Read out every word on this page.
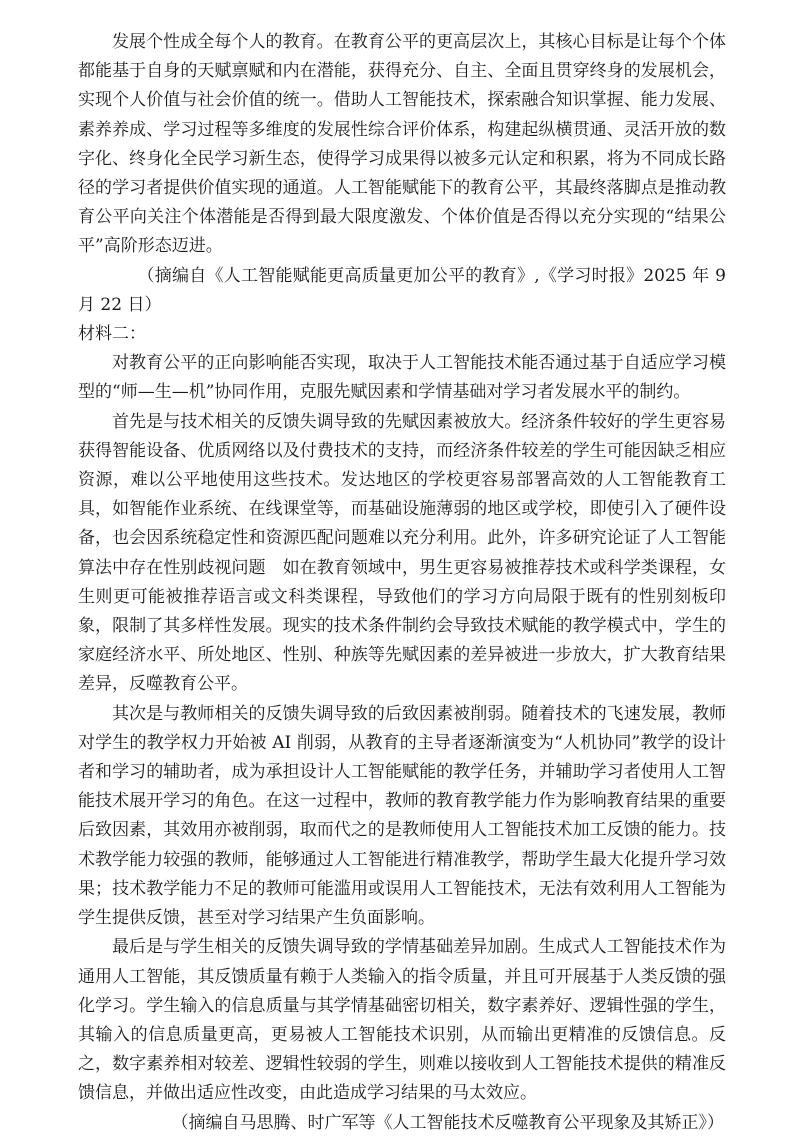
发展个性成全每个人的教育。在教育公平的更高层次上，其核心目标是让每个个体都能基于自身的天赋禀赋和内在潜能，获得充分、自主、全面且贯穿终身的发展机会，实现个人价值与社会价值的统一。借助人工智能技术，探索融合知识掌握、能力发展、素养养成、学习过程等多维度的发展性综合评价体系，构建起纵横贯通、灵活开放的数字化、终身化全民学习新生态，使得学习成果得以被多元认定和积累，将为不同成长路径的学习者提供价值实现的通道。人工智能赋能下的教育公平，其最终落脚点是推动教育公平向关注个体潜能是否得到最大限度激发、个体价值是否得以充分实现的“结果公平”高阶形态迈进。

（摘编自《人工智能赋能更高质量更加公平的教育》,《学习时报》2025 年 9 月 22 日）

材料二：

对教育公平的正向影响能否实现，取决于人工智能技术能否通过基于自适应学习模型的“师—生—机”协同作用，克服先赋因素和学情基础对学习者发展水平的制约。

首先是与技术相关的反馈失调导致的先赋因素被放大。经济条件较好的学生更容易获得智能设备、优质网络以及付费技术的支持，而经济条件较差的学生可能因缺乏相应资源，难以公平地使用这些技术。发达地区的学校更容易部署高效的人工智能教育工具，如智能作业系统、在线课堂等，而基础设施薄弱的地区或学校，即使引入了硬件设备，也会因系统稳定性和资源匹配问题难以充分利用。此外，许多研究论证了人工智能算法中存在性别歧视问题　如在教育领域中，男生更容易被推荐技术或科学类课程，女生则更可能被推荐语言或文科类课程，导致他们的学习方向局限于既有的性别刻板印象，限制了其多样性发展。现实的技术条件制约会导致技术赋能的教学模式中，学生的家庭经济水平、所处地区、性别、种族等先赋因素的差异被进一步放大，扩大教育结果差异，反噬教育公平。

其次是与教师相关的反馈失调导致的后致因素被削弱。随着技术的飞速发展，教师对学生的教学权力开始被 AI 削弱，从教育的主导者逐渐演变为“人机协同”教学的设计者和学习的辅助者，成为承担设计人工智能赋能的教学任务，并辅助学习者使用人工智能技术展开学习的角色。在这一过程中，教师的教育教学能力作为影响教育结果的重要后致因素，其效用亦被削弱，取而代之的是教师使用人工智能技术加工反馈的能力。技术教学能力较强的教师，能够通过人工智能进行精准教学，帮助学生最大化提升学习效果；技术教学能力不足的教师可能滥用或误用人工智能技术，无法有效利用人工智能为学生提供反馈，甚至对学习结果产生负面影响。

最后是与学生相关的反馈失调导致的学情基础差异加剧。生成式人工智能技术作为通用人工智能，其反馈质量有赖于人类输入的指令质量，并且可开展基于人类反馈的强化学习。学生输入的信息质量与其学情基础密切相关，数字素养好、逻辑性强的学生，其输入的信息质量更高，更易被人工智能技术识别，从而输出更精准的反馈信息。反之，数字素养相对较差、逻辑性较弱的学生，则难以接收到人工智能技术提供的精准反馈信息，并做出适应性改变，由此造成学习结果的马太效应。

（摘编自马思腾、时广军等《人工智能技术反噬教育公平现象及其矫正》）
